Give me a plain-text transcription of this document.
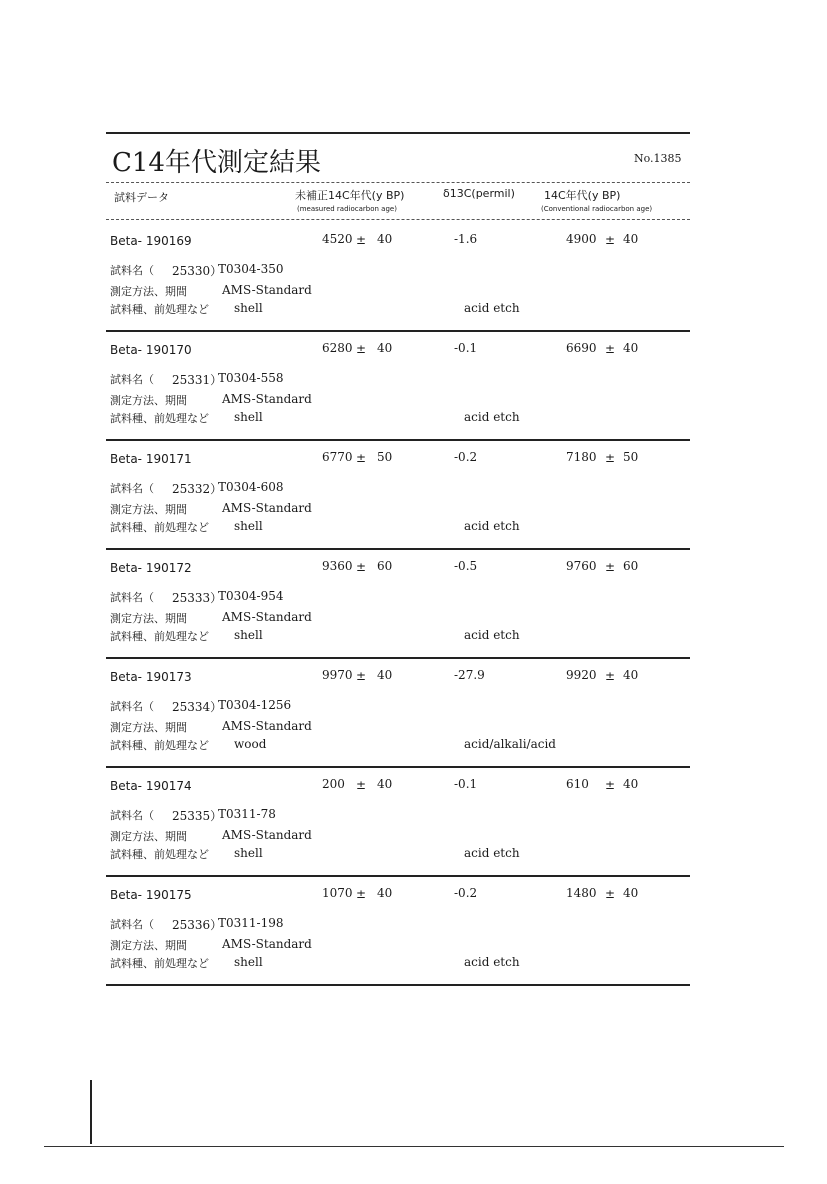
C14年代測定結果	No.1385
試料データ	未補正14C年代(y BP)
(measured radiocarbon age)
δ13C(permil)	14C年代(y BP)
(Conventional radiocarbon age)
Beta- 190169	4520 ± 40	-1.6	4900 ± 40
試料名（ 25330）
T0304-350
測定方法、期間	AMS-Standard
試料種、前処理など shell	acid etch
Beta- 190170	6280 ± 40	-0.1	6690 ± 40
試料名（ 25331）
T0304-558
測定方法、期間	AMS-Standard
試料種、前処理など shell	acid etch
Beta- 190171	6770 ± 50	-0.2	7180 ± 50
試料名（ 25332）
T0304-608
測定方法、期間	AMS-Standard
試料種、前処理など shell	acid etch
Beta- 190172	9360 ± 60	-0.5	9760 ± 60
試料名（ 25333）
T0304-954
測定方法、期間	AMS-Standard
試料種、前処理など shell	acid etch
Beta- 190173	9970 ± 40	-27.9	9920 ± 40
試料名（ 25334）
T0304-1256
測定方法、期間	AMS-Standard
試料種、前処理など wood	acid/alkali/acid
Beta- 190174	200 ± 40	-0.1	610 ± 40
試料名（ 25335）
T0311-78
測定方法、期間	AMS-Standard
試料種、前処理など shell	acid etch
Beta- 190175	1070 ± 40	-0.2	1480 ± 40
試料名（ 25336）
T0311-198
測定方法、期間	AMS-Standard
試料種、前処理など shell	acid etch
